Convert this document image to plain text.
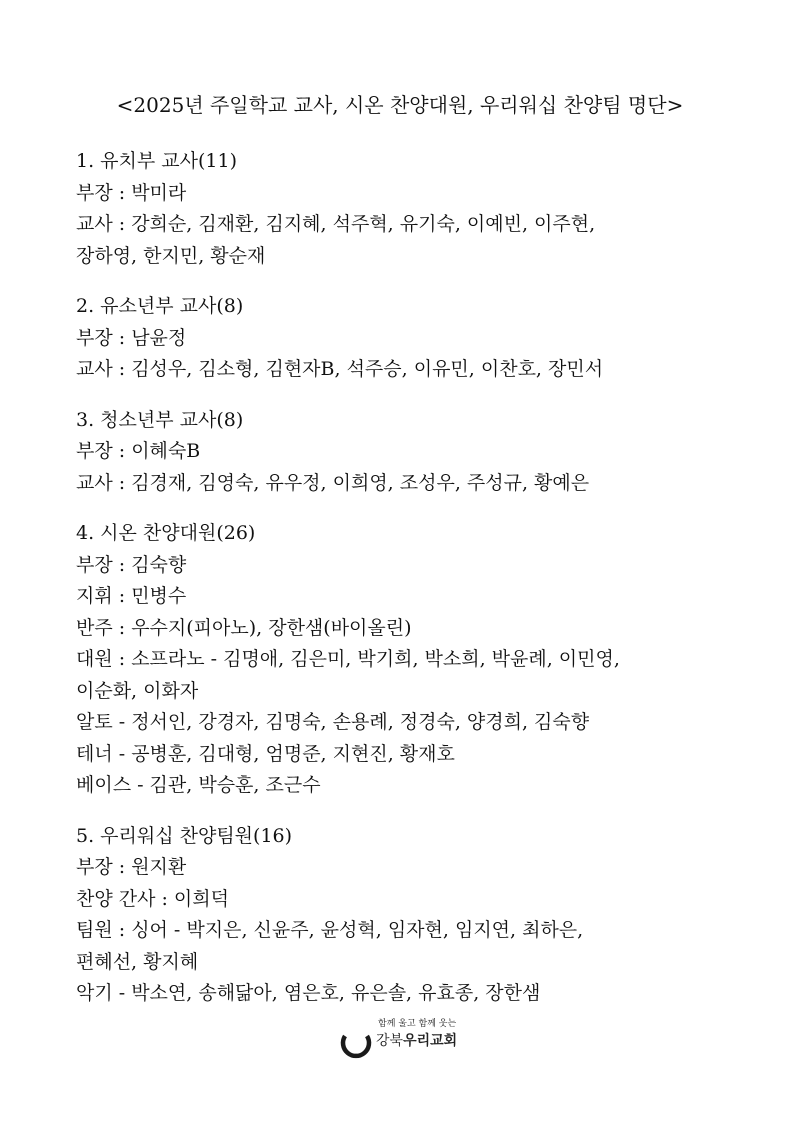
<2025년 주일학교 교사, 시온 찬양대원, 우리워십 찬양팀 명단>
1. 유치부 교사(11)
부장 : 박미라
교사 : 강희순, 김재환, 김지혜, 석주혁, 유기숙, 이예빈, 이주현,
장하영, 한지민, 황순재
2. 유소년부 교사(8)
부장 : 남윤정
교사 : 김성우, 김소형, 김현자B, 석주승, 이유민, 이찬호, 장민서
3. 청소년부 교사(8)
부장 : 이혜숙B
교사 : 김경재, 김영숙, 유우정, 이희영, 조성우, 주성규, 황예은
4. 시온 찬양대원(26)
부장 : 김숙향
지휘 : 민병수
반주 : 우수지(피아노), 장한샘(바이올린)
대원 : 소프라노 - 김명애, 김은미, 박기희, 박소희, 박윤례, 이민영,
이순화, 이화자
알토 - 정서인, 강경자, 김명숙, 손용례, 정경숙, 양경희, 김숙향
테너 - 공병훈, 김대형, 엄명준, 지현진, 황재호
베이스 - 김관, 박승훈, 조근수
5. 우리워십 찬양팀원(16)
부장 : 원지환
찬양 간사 : 이희덕
팀원 : 싱어 - 박지은, 신윤주, 윤성혁, 임자현, 임지연, 최하은,
편혜선, 황지혜
악기 - 박소연, 송해닮아, 염은호, 유은솔, 유효종, 장한샘
함께 울고 함께 웃는
강북우리교회
